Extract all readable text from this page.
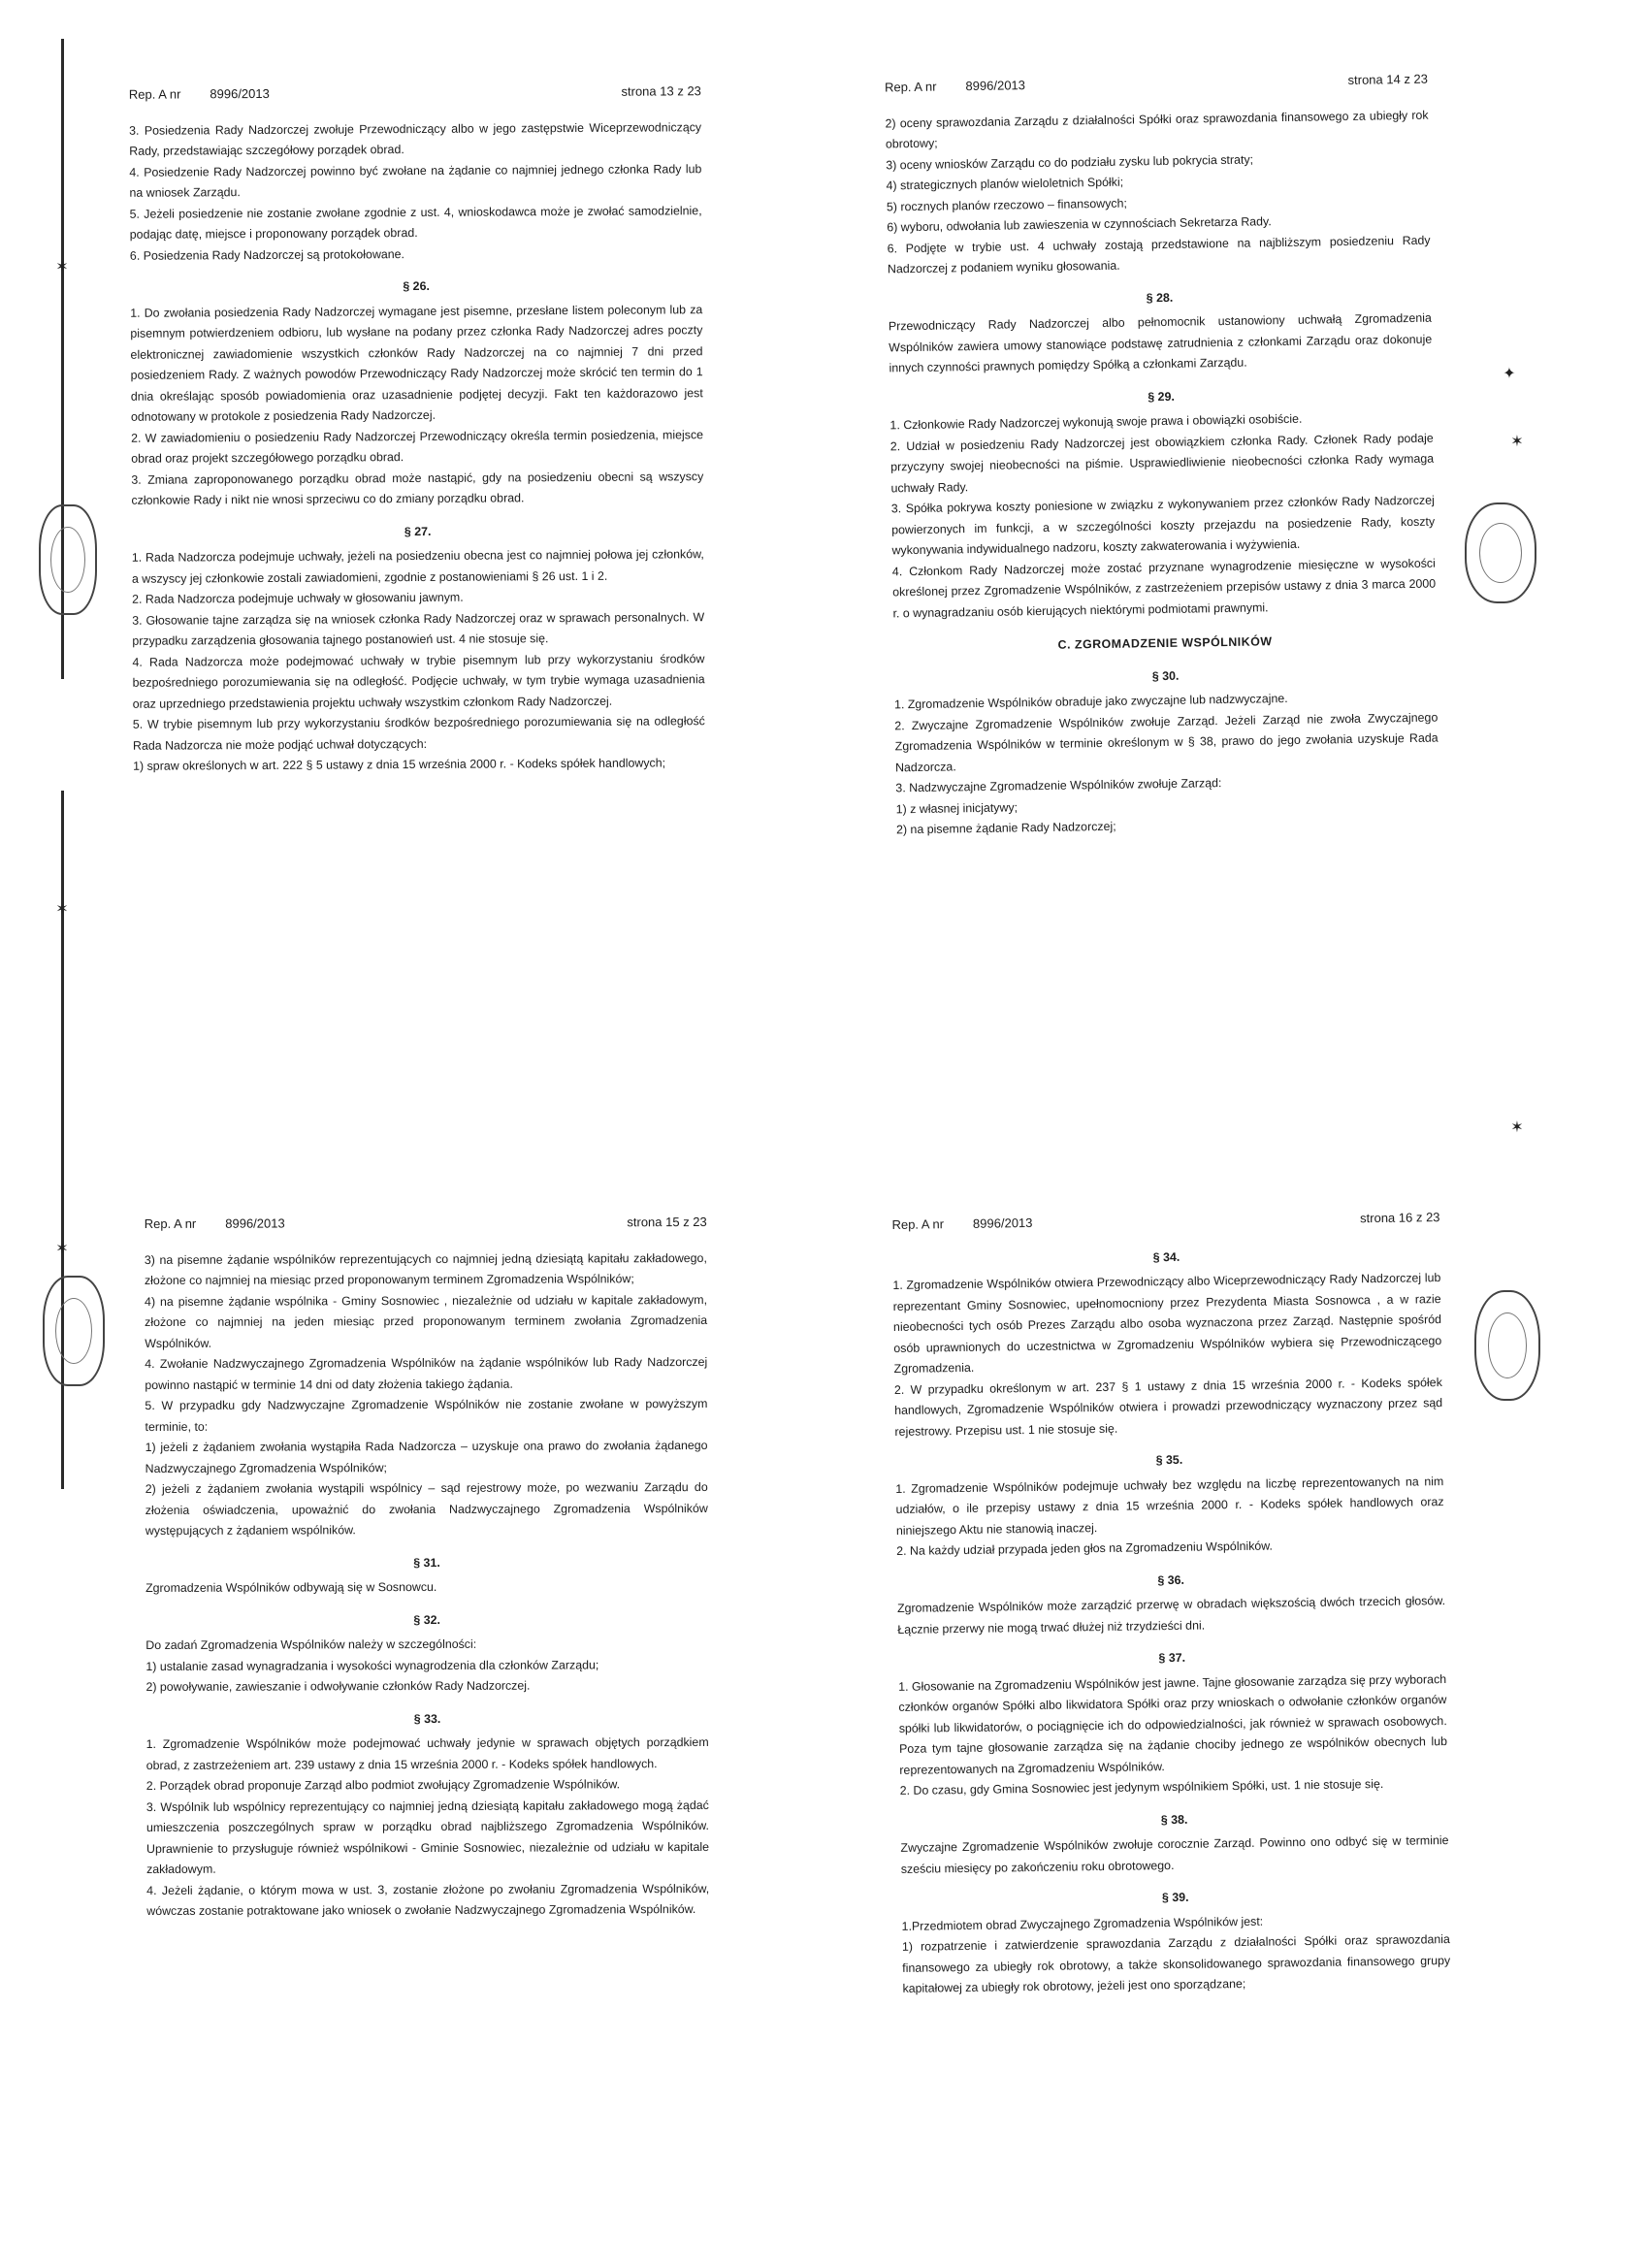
✶
✶
✶
✶
✶
✦
Rep. A nr 8996/2013	strona 13 z 23
3. Posiedzenia Rady Nadzorczej zwołuje Przewodniczący albo w jego zastępstwie Wiceprzewodniczący Rady, przedstawiając szczegółowy porządek obrad.
4. Posiedzenie Rady Nadzorczej powinno być zwołane na żądanie co najmniej jednego członka Rady lub na wniosek Zarządu.
5. Jeżeli posiedzenie nie zostanie zwołane zgodnie z ust. 4, wnioskodawca może je zwołać samodzielnie, podając datę, miejsce i proponowany porządek obrad.
6. Posiedzenia Rady Nadzorczej są protokołowane.
§ 26.
1. Do zwołania posiedzenia Rady Nadzorczej wymagane jest pisemne, przesłane listem poleconym lub za pisemnym potwierdzeniem odbioru, lub wysłane na podany przez członka Rady Nadzorczej adres poczty elektronicznej zawiadomienie wszystkich członków Rady Nadzorczej na co najmniej 7 dni przed posiedzeniem Rady. Z ważnych powodów Przewodniczący Rady Nadzorczej może skrócić ten termin do 1 dnia określając sposób powiadomienia oraz uzasadnienie podjętej decyzji. Fakt ten każdorazowo jest odnotowany w protokole z posiedzenia Rady Nadzorczej.
2. W zawiadomieniu o posiedzeniu Rady Nadzorczej Przewodniczący określa termin posiedzenia, miejsce obrad oraz projekt szczegółowego porządku obrad.
3. Zmiana zaproponowanego porządku obrad może nastąpić, gdy na posiedzeniu obecni są wszyscy członkowie Rady i nikt nie wnosi sprzeciwu co do zmiany porządku obrad.
§ 27.
1. Rada Nadzorcza podejmuje uchwały, jeżeli na posiedzeniu obecna jest co najmniej połowa jej członków, a wszyscy jej członkowie zostali zawiadomieni, zgodnie z postanowieniami § 26 ust. 1 i 2.
2. Rada Nadzorcza podejmuje uchwały w głosowaniu jawnym.
3. Głosowanie tajne zarządza się na wniosek członka Rady Nadzorczej oraz w sprawach personalnych. W przypadku zarządzenia głosowania tajnego postanowień ust. 4 nie stosuje się.
4. Rada Nadzorcza może podejmować uchwały w trybie pisemnym lub przy wykorzystaniu środków bezpośredniego porozumiewania się na odległość. Podjęcie uchwały, w tym trybie wymaga uzasadnienia oraz uprzedniego przedstawienia projektu uchwały wszystkim członkom Rady Nadzorczej.
5. W trybie pisemnym lub przy wykorzystaniu środków bezpośredniego porozumiewania się na odległość Rada Nadzorcza nie może podjąć uchwał dotyczących:
1) spraw określonych w art. 222 § 5 ustawy z dnia 15 września 2000 r. - Kodeks spółek handlowych;
Rep. A nr 8996/2013	strona 14 z 23
2) oceny sprawozdania Zarządu z działalności Spółki oraz sprawozdania finansowego za ubiegły rok obrotowy;
3) oceny wniosków Zarządu co do podziału zysku lub pokrycia straty;
4) strategicznych planów wieloletnich Spółki;
5) rocznych planów rzeczowo – finansowych;
6) wyboru, odwołania lub zawieszenia w czynnościach Sekretarza Rady.
6. Podjęte w trybie ust. 4 uchwały zostają przedstawione na najbliższym posiedzeniu Rady Nadzorczej z podaniem wyniku głosowania.
§ 28.
Przewodniczący Rady Nadzorczej albo pełnomocnik ustanowiony uchwałą Zgromadzenia Wspólników zawiera umowy stanowiące podstawę zatrudnienia z członkami Zarządu oraz dokonuje innych czynności prawnych pomiędzy Spółką a członkami Zarządu.
§ 29.
1. Członkowie Rady Nadzorczej wykonują swoje prawa i obowiązki osobiście.
2. Udział w posiedzeniu Rady Nadzorczej jest obowiązkiem członka Rady. Członek Rady podaje przyczyny swojej nieobecności na piśmie. Usprawiedliwienie nieobecności członka Rady wymaga uchwały Rady.
3. Spółka pokrywa koszty poniesione w związku z wykonywaniem przez członków Rady Nadzorczej powierzonych im funkcji, a w szczególności koszty przejazdu na posiedzenie Rady, koszty wykonywania indywidualnego nadzoru, koszty zakwaterowania i wyżywienia.
4. Członkom Rady Nadzorczej może zostać przyznane wynagrodzenie miesięczne w wysokości określonej przez Zgromadzenie Wspólników, z zastrzeżeniem przepisów ustawy z dnia 3 marca 2000 r. o wynagradzaniu osób kierujących niektórymi podmiotami prawnymi.
C. ZGROMADZENIE WSPÓLNIKÓW
§ 30.
1. Zgromadzenie Wspólników obraduje jako zwyczajne lub nadzwyczajne.
2. Zwyczajne Zgromadzenie Wspólników zwołuje Zarząd. Jeżeli Zarząd nie zwoła Zwyczajnego Zgromadzenia Wspólników w terminie określonym w § 38, prawo do jego zwołania uzyskuje Rada Nadzorcza.
3. Nadzwyczajne Zgromadzenie Wspólników zwołuje Zarząd:
1) z własnej inicjatywy;
2) na pisemne żądanie Rady Nadzorczej;
Rep. A nr 8996/2013	strona 15 z 23
3) na pisemne żądanie wspólników reprezentujących co najmniej jedną dziesiątą kapitału zakładowego, złożone co najmniej na miesiąc przed proponowanym terminem Zgromadzenia Wspólników;
4) na pisemne żądanie wspólnika - Gminy Sosnowiec , niezależnie od udziału w kapitale zakładowym, złożone co najmniej na jeden miesiąc przed proponowanym terminem zwołania Zgromadzenia Wspólników.
4. Zwołanie Nadzwyczajnego Zgromadzenia Wspólników na żądanie wspólników lub Rady Nadzorczej powinno nastąpić w terminie 14 dni od daty złożenia takiego żądania.
5. W przypadku gdy Nadzwyczajne Zgromadzenie Wspólników nie zostanie zwołane w powyższym terminie, to:
1) jeżeli z żądaniem zwołania wystąpiła Rada Nadzorcza – uzyskuje ona prawo do zwołania żądanego Nadzwyczajnego Zgromadzenia Wspólników;
2) jeżeli z żądaniem zwołania wystąpili wspólnicy – sąd rejestrowy może, po wezwaniu Zarządu do złożenia oświadczenia, upoważnić do zwołania Nadzwyczajnego Zgromadzenia Wspólników występujących z żądaniem wspólników.
§ 31.
Zgromadzenia Wspólników odbywają się w Sosnowcu.
§ 32.
Do zadań Zgromadzenia Wspólników należy w szczególności:
1) ustalanie zasad wynagradzania i wysokości wynagrodzenia dla członków Zarządu;
2) powoływanie, zawieszanie i odwoływanie członków Rady Nadzorczej.
§ 33.
1. Zgromadzenie Wspólników może podejmować uchwały jedynie w sprawach objętych porządkiem obrad, z zastrzeżeniem art. 239 ustawy z dnia 15 września 2000 r. - Kodeks spółek handlowych.
2. Porządek obrad proponuje Zarząd albo podmiot zwołujący Zgromadzenie Wspólników.
3. Wspólnik lub wspólnicy reprezentujący co najmniej jedną dziesiątą kapitału zakładowego mogą żądać umieszczenia poszczególnych spraw w porządku obrad najbliższego Zgromadzenia Wspólników. Uprawnienie to przysługuje również wspólnikowi - Gminie Sosnowiec, niezależnie od udziału w kapitale zakładowym.
4. Jeżeli żądanie, o którym mowa w ust. 3, zostanie złożone po zwołaniu Zgromadzenia Wspólników, wówczas zostanie potraktowane jako wniosek o zwołanie Nadzwyczajnego Zgromadzenia Wspólników.
Rep. A nr 8996/2013	strona 16 z 23
§ 34.
1. Zgromadzenie Wspólników otwiera Przewodniczący albo Wiceprzewodniczący Rady Nadzorczej lub reprezentant Gminy Sosnowiec, upełnomocniony przez Prezydenta Miasta Sosnowca , a w razie nieobecności tych osób Prezes Zarządu albo osoba wyznaczona przez Zarząd. Następnie spośród osób uprawnionych do uczestnictwa w Zgromadzeniu Wspólników wybiera się Przewodniczącego Zgromadzenia.
2. W przypadku określonym w art. 237 § 1 ustawy z dnia 15 września 2000 r. - Kodeks spółek handlowych, Zgromadzenie Wspólników otwiera i prowadzi przewodniczący wyznaczony przez sąd rejestrowy. Przepisu ust. 1 nie stosuje się.
§ 35.
1. Zgromadzenie Wspólników podejmuje uchwały bez względu na liczbę reprezentowanych na nim udziałów, o ile przepisy ustawy z dnia 15 września 2000 r. - Kodeks spółek handlowych oraz niniejszego Aktu nie stanowią inaczej.
2. Na każdy udział przypada jeden głos na Zgromadzeniu Wspólników.
§ 36.
Zgromadzenie Wspólników może zarządzić przerwę w obradach większością dwóch trzecich głosów. Łącznie przerwy nie mogą trwać dłużej niż trzydzieści dni.
§ 37.
1. Głosowanie na Zgromadzeniu Wspólników jest jawne. Tajne głosowanie zarządza się przy wyborach członków organów Spółki albo likwidatora Spółki oraz przy wnioskach o odwołanie członków organów spółki lub likwidatorów, o pociągnięcie ich do odpowiedzialności, jak również w sprawach osobowych. Poza tym tajne głosowanie zarządza się na żądanie chociby jednego ze wspólników obecnych lub reprezentowanych na Zgromadzeniu Wspólników.
2. Do czasu, gdy Gmina Sosnowiec jest jedynym wspólnikiem Spółki, ust. 1 nie stosuje się.
§ 38.
Zwyczajne Zgromadzenie Wspólników zwołuje corocznie Zarząd. Powinno ono odbyć się w terminie sześciu miesięcy po zakończeniu roku obrotowego.
§ 39.
1.Przedmiotem obrad Zwyczajnego Zgromadzenia Wspólników jest:
1) rozpatrzenie i zatwierdzenie sprawozdania Zarządu z działalności Spółki oraz sprawozdania finansowego za ubiegły rok obrotowy, a także skonsolidowanego sprawozdania finansowego grupy kapitałowej za ubiegły rok obrotowy, jeżeli jest ono sporządzane;
